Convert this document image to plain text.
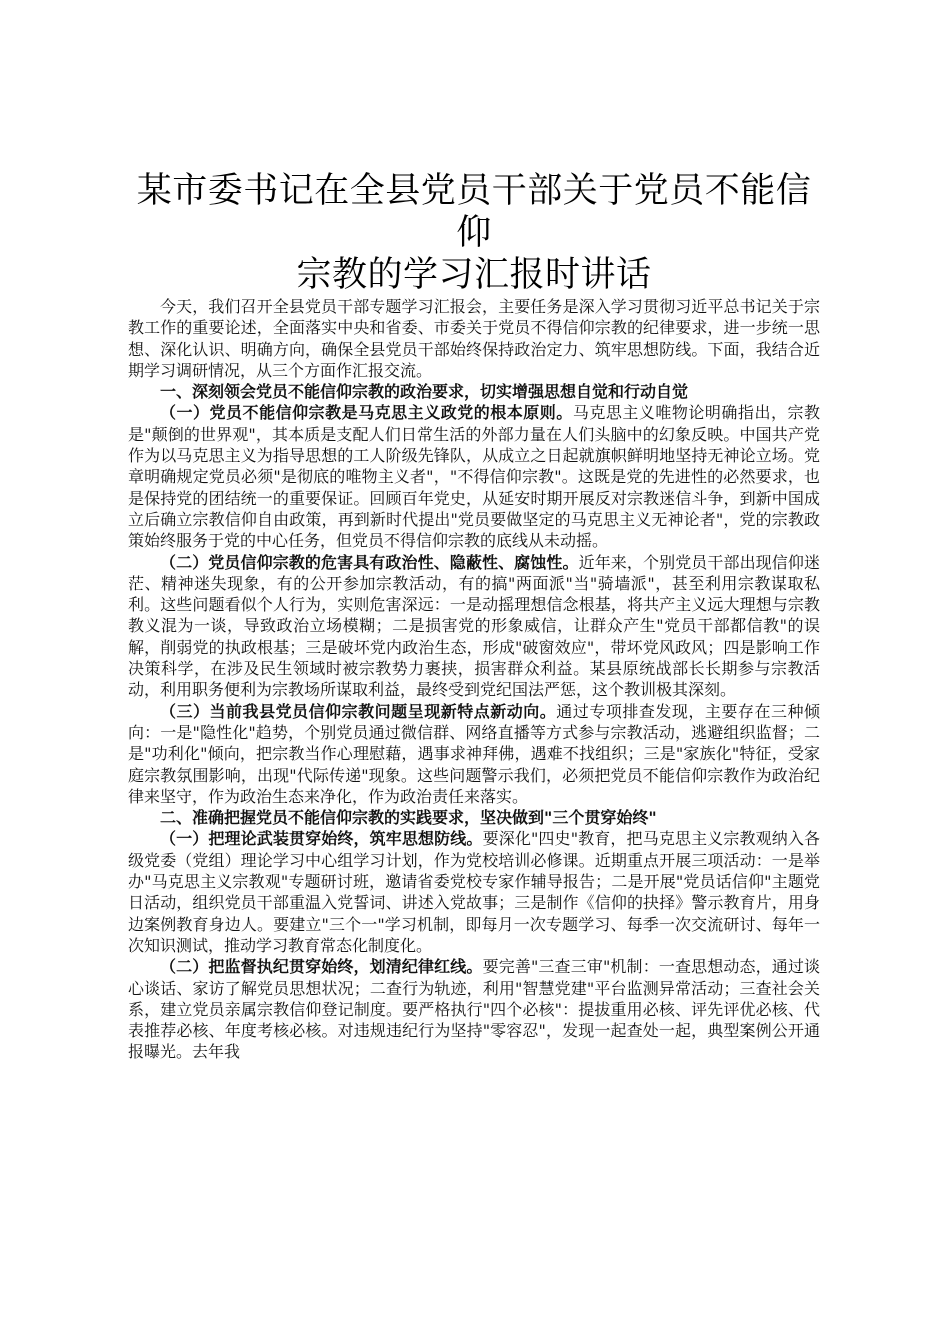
某市委书记在全县党员干部关于党员不能信仰
宗教的学习汇报时讲话

今天，我们召开全县党员干部专题学习汇报会，主要任务是深入学习贯彻习近平总书记关于宗教工作的重要论述，全面落实中央和省委、市委关于党员不得信仰宗教的纪律要求，进一步统一思想、深化认识、明确方向，确保全县党员干部始终保持政治定力、筑牢思想防线。下面，我结合近期学习调研情况，从三个方面作汇报交流。

一、深刻领会党员不能信仰宗教的政治要求，切实增强思想自觉和行动自觉

（一）党员不能信仰宗教是马克思主义政党的根本原则。马克思主义唯物论明确指出，宗教是"颠倒的世界观"，其本质是支配人们日常生活的外部力量在人们头脑中的幻象反映。中国共产党作为以马克思主义为指导思想的工人阶级先锋队，从成立之日起就旗帜鲜明地坚持无神论立场。党章明确规定党员必须"是彻底的唯物主义者"，"不得信仰宗教"。这既是党的先进性的必然要求，也是保持党的团结统一的重要保证。回顾百年党史，从延安时期开展反对宗教迷信斗争，到新中国成立后确立宗教信仰自由政策，再到新时代提出"党员要做坚定的马克思主义无神论者"，党的宗教政策始终服务于党的中心任务，但党员不得信仰宗教的底线从未动摇。

（二）党员信仰宗教的危害具有政治性、隐蔽性、腐蚀性。近年来，个别党员干部出现信仰迷茫、精神迷失现象，有的公开参加宗教活动，有的搞"两面派"当"骑墙派"，甚至利用宗教谋取私利。这些问题看似个人行为，实则危害深远：一是动摇理想信念根基，将共产主义远大理想与宗教教义混为一谈，导致政治立场模糊；二是损害党的形象威信，让群众产生"党员干部都信教"的误解，削弱党的执政根基；三是破坏党内政治生态，形成"破窗效应"，带坏党风政风；四是影响工作决策科学，在涉及民生领域时被宗教势力裹挟，损害群众利益。某县原统战部长长期参与宗教活动，利用职务便利为宗教场所谋取利益，最终受到党纪国法严惩，这个教训极其深刻。

（三）当前我县党员信仰宗教问题呈现新特点新动向。通过专项排查发现，主要存在三种倾向：一是"隐性化"趋势，个别党员通过微信群、网络直播等方式参与宗教活动，逃避组织监督；二是"功利化"倾向，把宗教当作心理慰藉，遇事求神拜佛，遇难不找组织；三是"家族化"特征，受家庭宗教氛围影响，出现"代际传递"现象。这些问题警示我们，必须把党员不能信仰宗教作为政治纪律来坚守，作为政治生态来净化，作为政治责任来落实。

二、准确把握党员不能信仰宗教的实践要求，坚决做到"三个贯穿始终"

（一）把理论武装贯穿始终，筑牢思想防线。要深化"四史"教育，把马克思主义宗教观纳入各级党委（党组）理论学习中心组学习计划，作为党校培训必修课。近期重点开展三项活动：一是举办"马克思主义宗教观"专题研讨班，邀请省委党校专家作辅导报告；二是开展"党员话信仰"主题党日活动，组织党员干部重温入党誓词、讲述入党故事；三是制作《信仰的抉择》警示教育片，用身边案例教育身边人。要建立"三个一"学习机制，即每月一次专题学习、每季一次交流研讨、每年一次知识测试，推动学习教育常态化制度化。

（二）把监督执纪贯穿始终，划清纪律红线。要完善"三查三审"机制：一查思想动态，通过谈心谈话、家访了解党员思想状况；二查行为轨迹，利用"智慧党建"平台监测异常活动；三查社会关系，建立党员亲属宗教信仰登记制度。要严格执行"四个必核"：提拔重用必核、评先评优必核、代表推荐必核、年度考核必核。对违规违纪行为坚持"零容忍"，发现一起查处一起，典型案例公开通报曝光。去年我
